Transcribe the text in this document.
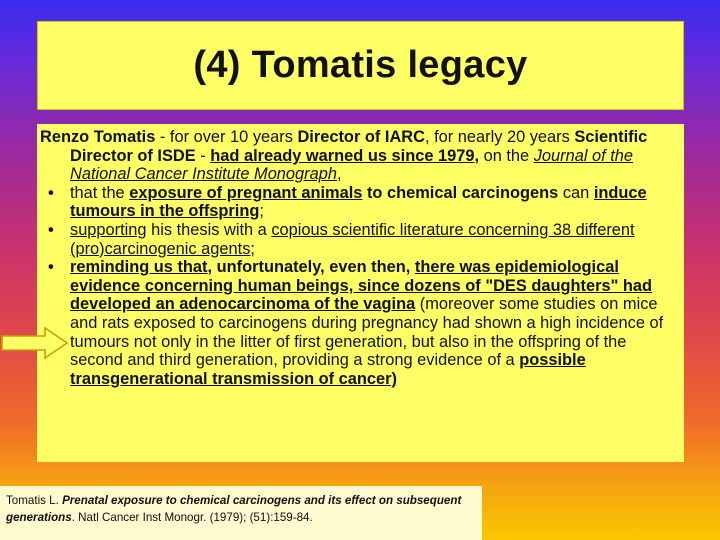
(4) Tomatis legacy

Renzo Tomatis - for over 10 years Director of IARC, for nearly 20 years Scientific Director of ISDE - had already warned us since 1979, on the Journal of the National Cancer Institute Monograph,

• that the exposure of pregnant animals to chemical carcinogens can induce tumours in the offspring;
• supporting his thesis with a copious scientific literature concerning 38 different (pro)carcinogenic agents;
• reminding us that, unfortunately, even then, there was epidemiological evidence concerning human beings, since dozens of "DES daughters" had developed an adenocarcinoma of the vagina (moreover some studies on mice and rats exposed to carcinogens during pregnancy had shown a high incidence of tumours not only in the litter of first generation, but also in the offspring of the second and third generation, providing a strong evidence of a possible transgenerational transmission of cancer)
Tomatis L. Prenatal exposure to chemical carcinogens and its effect on subsequent generations. Natl Cancer Inst Monogr. (1979); (51):159-84.
